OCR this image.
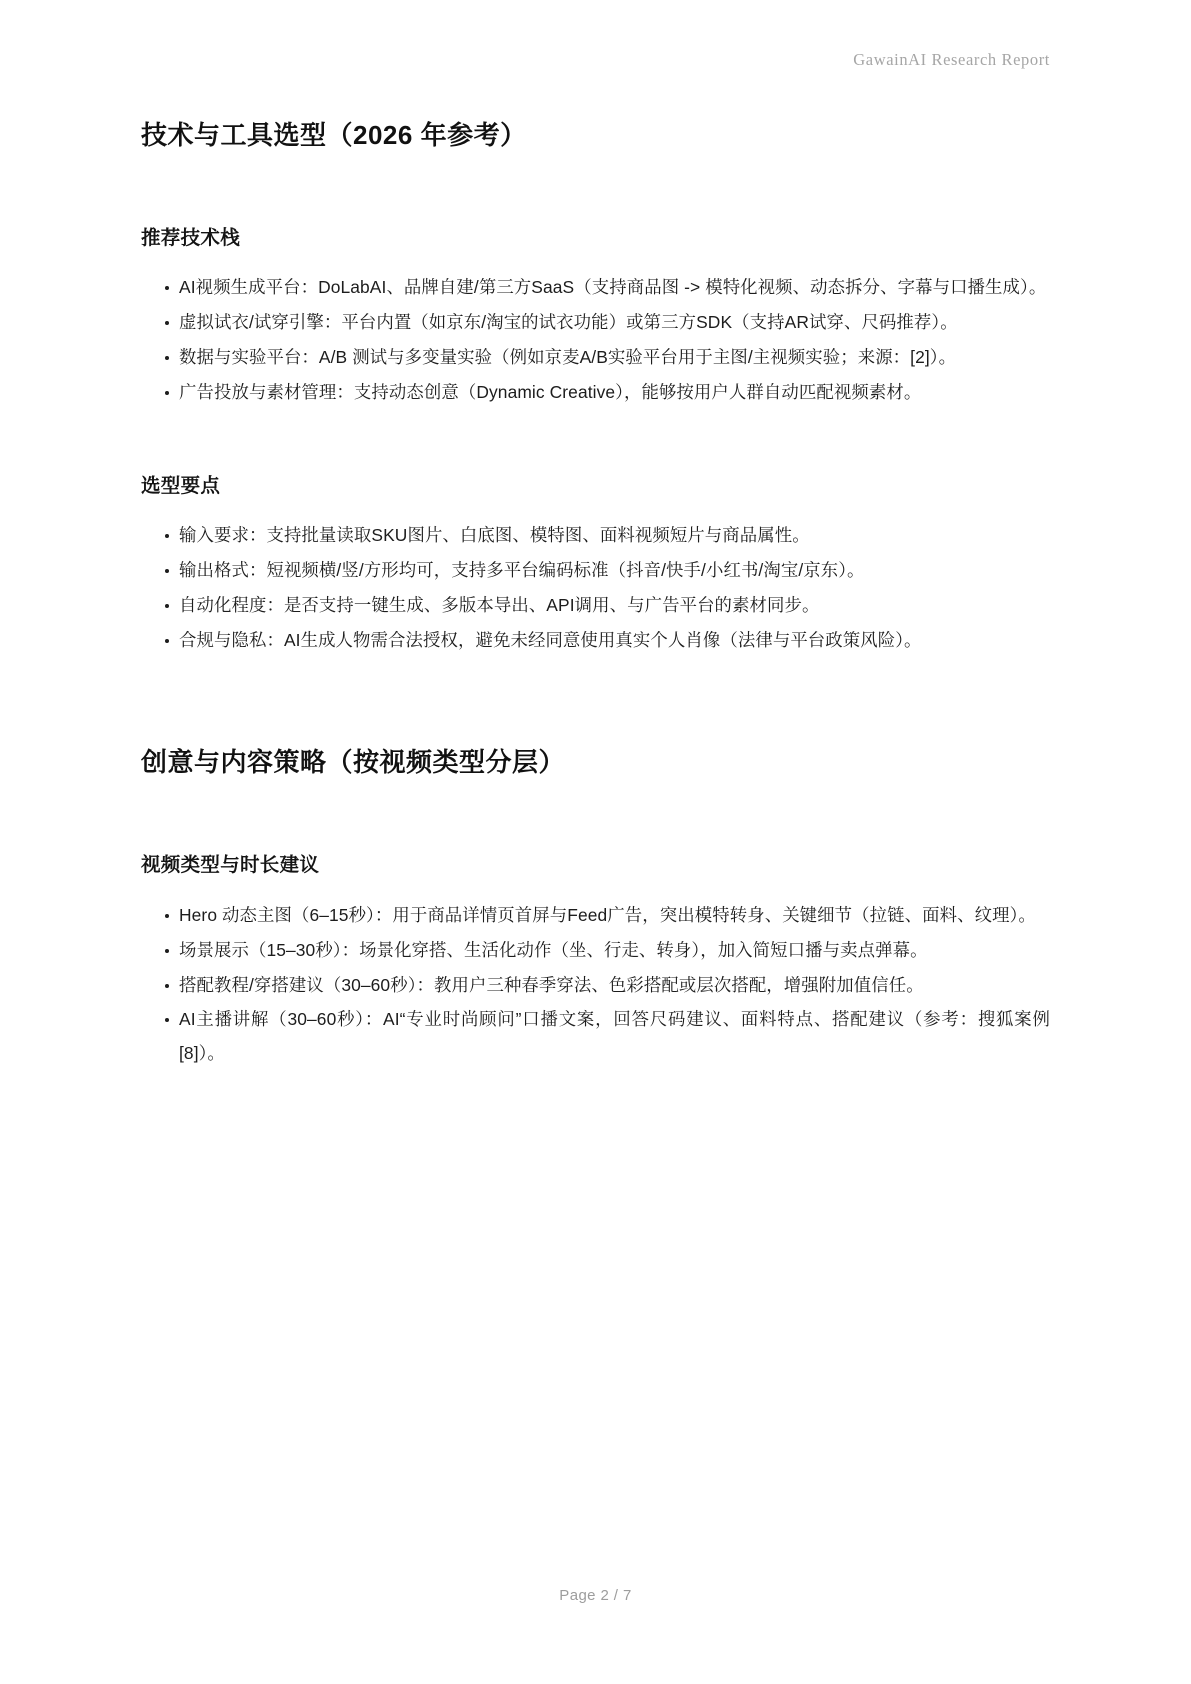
GawainAI Research Report
技术与工具选型（2026 年参考）
推荐技术栈
AI视频生成平台：DoLabAI、品牌自建/第三方SaaS（支持商品图 -> 模特化视频、动态拆分、字幕与口播生成）。
虚拟试衣/试穿引擎：平台内置（如京东/淘宝的试衣功能）或第三方SDK（支持AR试穿、尺码推荐）。
数据与实验平台：A/B 测试与多变量实验（例如京麦A/B实验平台用于主图/主视频实验；来源：[2]）。
广告投放与素材管理：支持动态创意（Dynamic Creative），能够按用户人群自动匹配视频素材。
选型要点
输入要求：支持批量读取SKU图片、白底图、模特图、面料视频短片与商品属性。
输出格式：短视频横/竖/方形均可，支持多平台编码标准（抖音/快手/小红书/淘宝/京东）。
自动化程度：是否支持一键生成、多版本导出、API调用、与广告平台的素材同步。
合规与隐私：AI生成人物需合法授权，避免未经同意使用真实个人肖像（法律与平台政策风险）。
创意与内容策略（按视频类型分层）
视频类型与时长建议
Hero 动态主图（6–15秒）：用于商品详情页首屏与Feed广告，突出模特转身、关键细节（拉链、面料、纹理）。
场景展示（15–30秒）：场景化穿搭、生活化动作（坐、行走、转身），加入简短口播与卖点弹幕。
搭配教程/穿搭建议（30–60秒）：教用户三种春季穿法、色彩搭配或层次搭配，增强附加值信任。
AI主播讲解（30–60秒）：AI“专业时尚顾问”口播文案，回答尺码建议、面料特点、搭配建议（参考：搜狐案例[8]）。
Page 2 / 7
